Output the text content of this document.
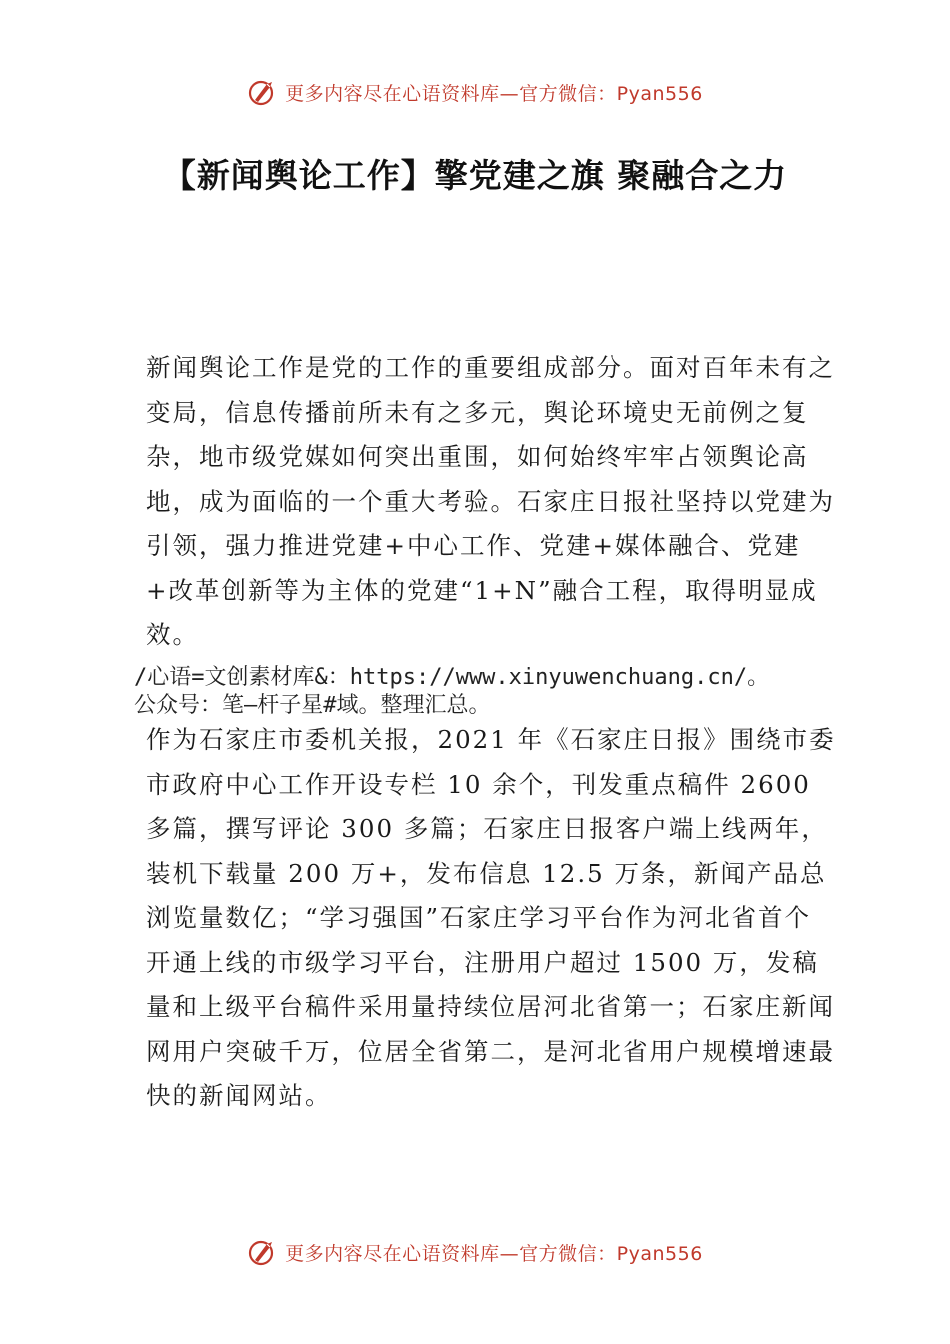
更多内容尽在心语资料库—官方微信：Pyan556
【新闻舆论工作】擎党建之旗 聚融合之力

新闻舆论工作是党的工作的重要组成部分。面对百年未有之变局，信息传播前所未有之多元，舆论环境史无前例之复杂，地市级党媒如何突出重围，如何始终牢牢占领舆论高地，成为面临的一个重大考验。石家庄日报社坚持以党建为引领，强力推进党建+中心工作、党建+媒体融合、党建+改革创新等为主体的党建“1+N”融合工程，取得明显成效。

/心语=文创素材库&：https://www.xinyuwenchuang.cn/。
公众号：笔—杆子星#域。整理汇总。

作为石家庄市委机关报，2021 年《石家庄日报》围绕市委市政府中心工作开设专栏 10 余个，刊发重点稿件 2600 多篇，撰写评论 300 多篇；石家庄日报客户端上线两年，装机下载量 200 万+，发布信息 12.5 万条，新闻产品总浏览量数亿；“学习强国”石家庄学习平台作为河北省首个开通上线的市级学习平台，注册用户超过 1500 万，发稿量和上级平台稿件采用量持续位居河北省第一；石家庄新闻网用户突破千万，位居全省第二，是河北省用户规模增速最快的新闻网站。

更多内容尽在心语资料库—官方微信：Pyan556
